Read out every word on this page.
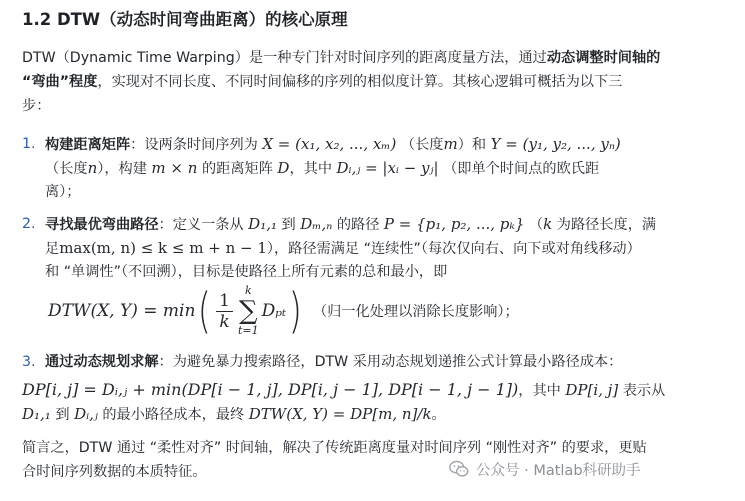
1.2 DTW（动态时间弯曲距离）的核心原理
DTW（Dynamic Time Warping）是一种专门针对时间序列的距离度量方法，通过动态调整时间轴的
“弯曲”程度，实现对不同长度、不同时间偏移的序列的相似度计算。其核心逻辑可概括为以下三
步：
1. 构建距离矩阵：设两条时间序列为 X = (x₁, x₂, ..., xₘ) （长度m）和 Y = (y₁, y₂, ..., yₙ)
（长度n），构建 m × n 的距离矩阵 D，其中 Dᵢ,ⱼ = |xᵢ − yⱼ| （即单个时间点的欧氏距
离）；
2. 寻找最优弯曲路径：定义一条从 D₁,₁ 到 Dₘ,ₙ 的路径 P = {p₁, p₂, ..., pₖ} （k 为路径长度，满
足max(m, n) ≤ k ≤ m + n − 1），路径需满足 “连续性”（每次仅向右、向下或对角线移动）
和 “单调性”（不回溯），目标是使路径上所有元素的总和最小，即
DTW(X, Y) = min ( $\frac{1}{k}$ k
∑
t=1
Dₚₜ ) （归一化处理以消除长度影响）；
3. 通过动态规划求解：为避免暴力搜索路径，DTW 采用动态规划递推公式计算最小路径成本：
DP[i, j] = Dᵢ,ⱼ + min(DP[i − 1, j], DP[i, j − 1], DP[i − 1, j − 1])，其中 DP[i, j] 表示从
D₁,₁ 到 Dᵢ,ⱼ 的最小路径成本，最终 DTW(X, Y) = DP[m, n]/k。
简言之，DTW 通过 “柔性对齐” 时间轴，解决了传统距离度量对时间序列 “刚性对齐” 的要求，更贴
合时间序列数据的本质特征。	公众号 · Matlab科研助手
